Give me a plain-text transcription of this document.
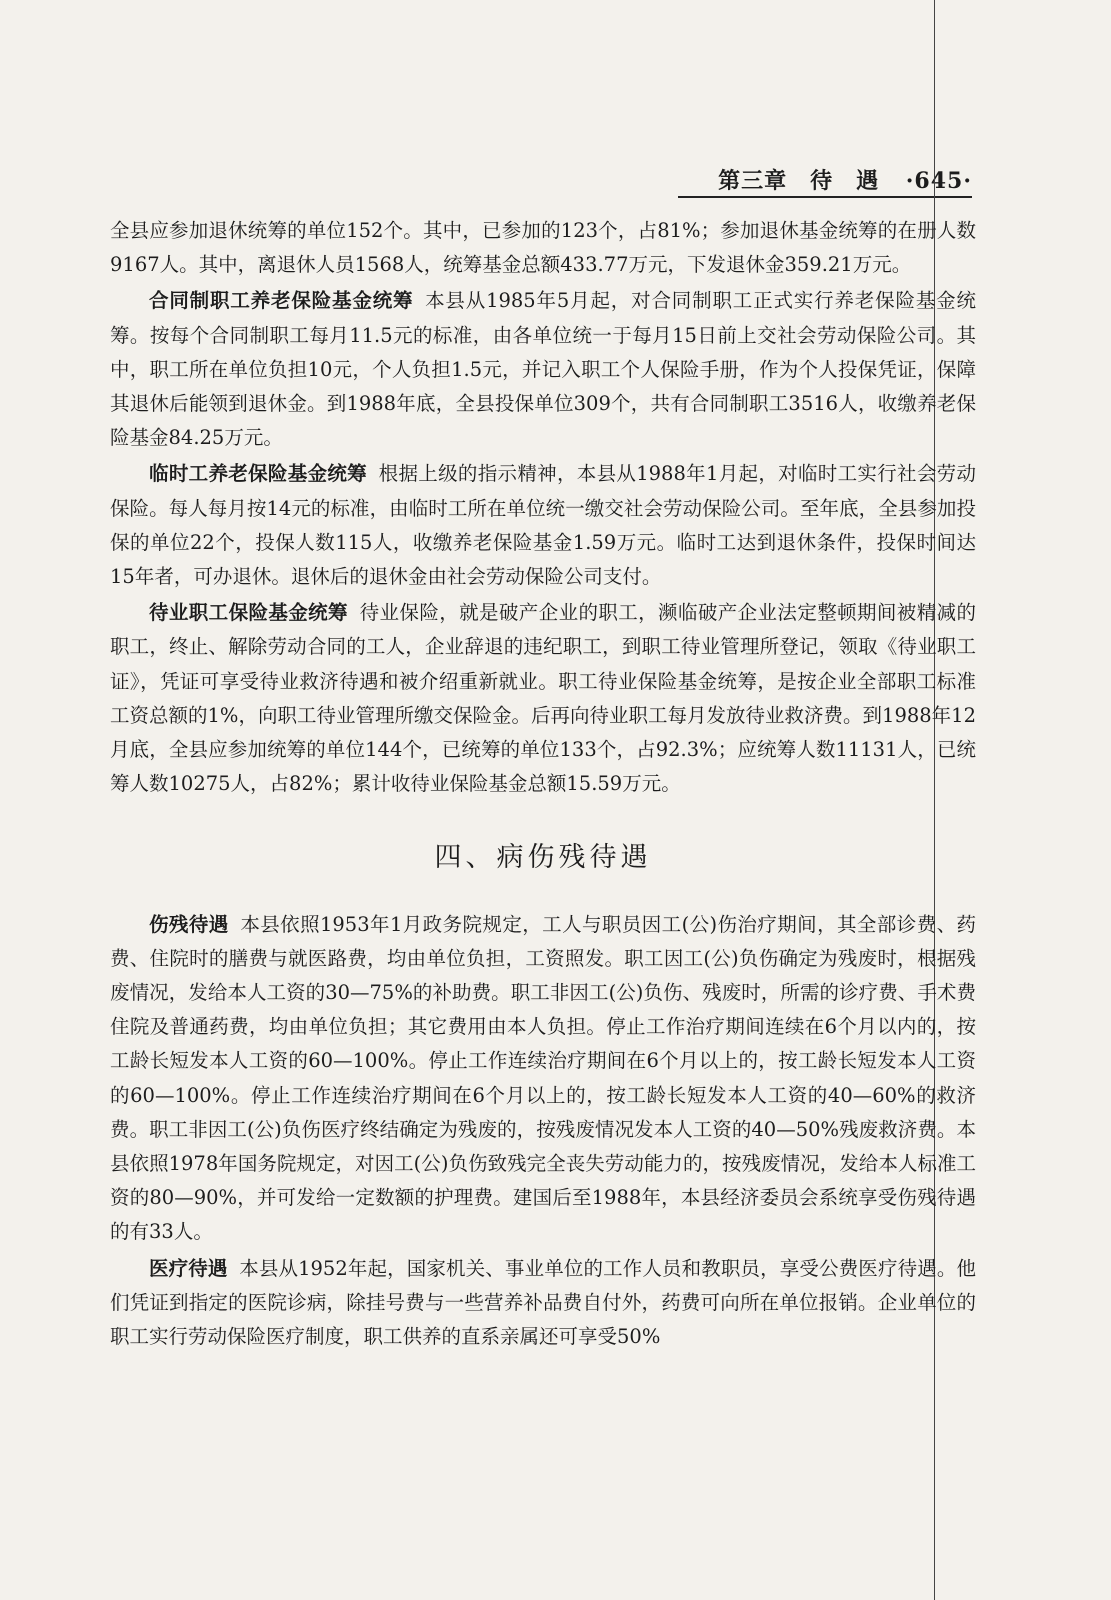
第三章　待　遇 ·645·

全县应参加退休统筹的单位152个。其中，已参加的123个，占81%；参加退休基金统筹的在册人数9167人。其中，离退休人员1568人，统筹基金总额433.77万元，下发退休金359.21万元。

合同制职工养老保险基金统筹 本县从1985年5月起，对合同制职工正式实行养老保险基金统筹。按每个合同制职工每月11.5元的标准，由各单位统一于每月15日前上交社会劳动保险公司。其中，职工所在单位负担10元，个人负担1.5元，并记入职工个人保险手册，作为个人投保凭证，保障其退休后能领到退休金。到1988年底，全县投保单位309个，共有合同制职工3516人，收缴养老保险基金84.25万元。

临时工养老保险基金统筹 根据上级的指示精神，本县从1988年1月起，对临时工实行社会劳动保险。每人每月按14元的标准，由临时工所在单位统一缴交社会劳动保险公司。至年底，全县参加投保的单位22个，投保人数115人，收缴养老保险基金1.59万元。临时工达到退休条件，投保时间达15年者，可办退休。退休后的退休金由社会劳动保险公司支付。

待业职工保险基金统筹 待业保险，就是破产企业的职工，濒临破产企业法定整顿期间被精减的职工，终止、解除劳动合同的工人，企业辞退的违纪职工，到职工待业管理所登记，领取《待业职工证》，凭证可享受待业救济待遇和被介绍重新就业。职工待业保险基金统筹，是按企业全部职工标准工资总额的1%，向职工待业管理所缴交保险金。后再向待业职工每月发放待业救济费。到1988年12月底，全县应参加统筹的单位144个，已统筹的单位133个，占92.3%；应统筹人数11131人，已统筹人数10275人，占82%；累计收待业保险基金总额15.59万元。

四、病伤残待遇

伤残待遇 本县依照1953年1月政务院规定，工人与职员因工(公)伤治疗期间，其全部诊费、药费、住院时的膳费与就医路费，均由单位负担，工资照发。职工因工(公)负伤确定为残废时，根据残废情况，发给本人工资的30—75%的补助费。职工非因工(公)负伤、残废时，所需的诊疗费、手术费住院及普通药费，均由单位负担；其它费用由本人负担。停止工作治疗期间连续在6个月以内的，按工龄长短发本人工资的60—100%。停止工作连续治疗期间在6个月以上的，按工龄长短发本人工资的60—100%。停止工作连续治疗期间在6个月以上的，按工龄长短发本人工资的40—60%的救济费。职工非因工(公)负伤医疗终结确定为残废的，按残废情况发本人工资的40—50%残废救济费。本县依照1978年国务院规定，对因工(公)负伤致残完全丧失劳动能力的，按残废情况，发给本人标准工资的80—90%，并可发给一定数额的护理费。建国后至1988年，本县经济委员会系统享受伤残待遇的有33人。

医疗待遇 本县从1952年起，国家机关、事业单位的工作人员和教职员，享受公费医疗待遇。他们凭证到指定的医院诊病，除挂号费与一些营养补品费自付外，药费可向所在单位报销。企业单位的职工实行劳动保险医疗制度，职工供养的直系亲属还可享受50%
